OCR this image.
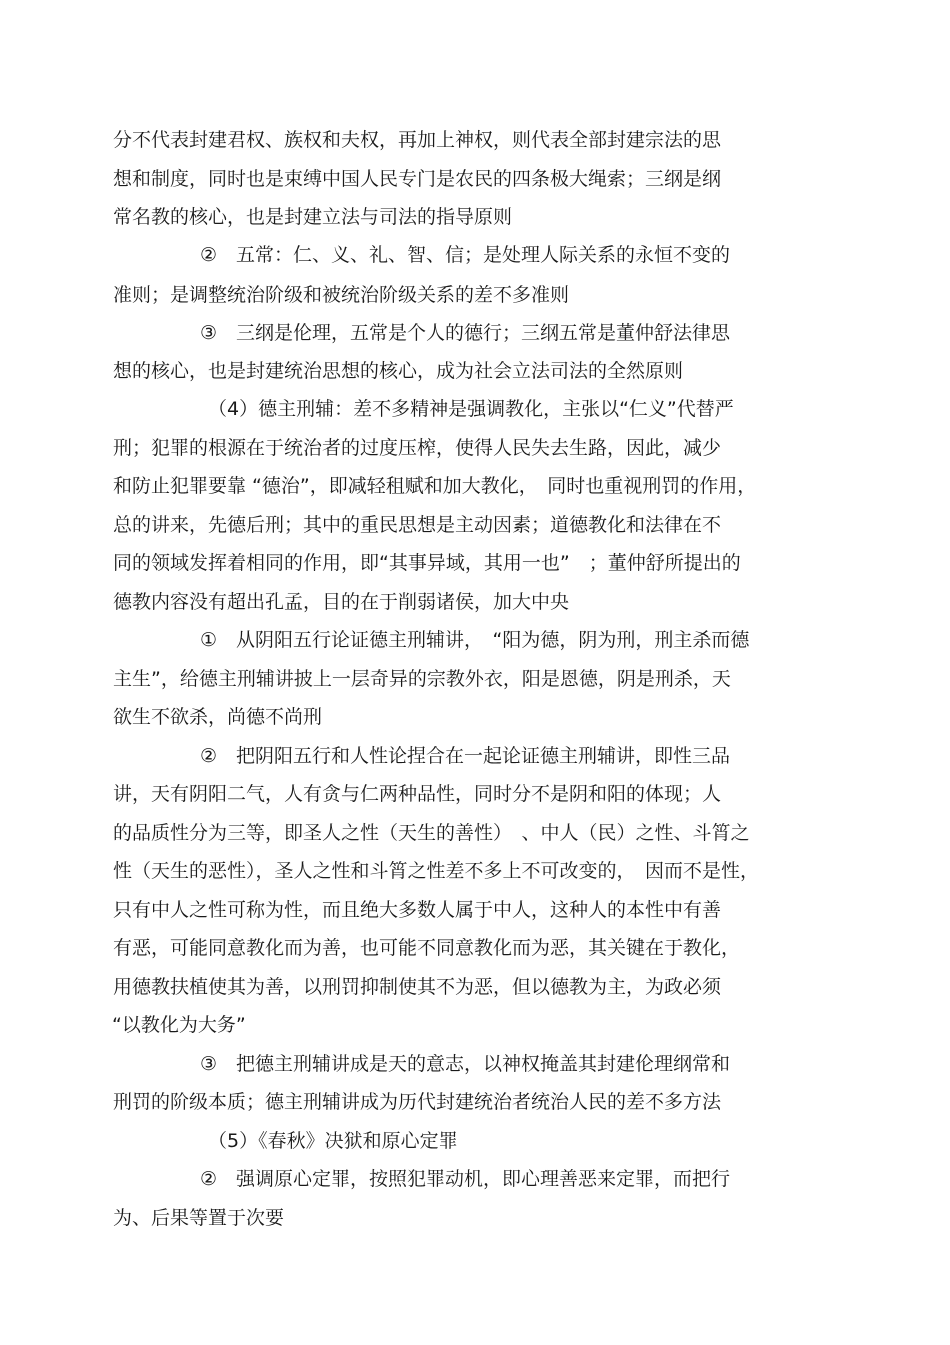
分不代表封建君权、族权和夫权，再加上神权，则代表全部封建宗法的思
想和制度，同时也是束缚中国人民专门是农民的四条极大绳索；三纲是纲
常名教的核心，也是封建立法与司法的指导原则
②　五常：仁、义、礼、智、信；是处理人际关系的永恒不变的
准则；是调整统治阶级和被统治阶级关系的差不多准则
③　三纲是伦理，五常是个人的德行；三纲五常是董仲舒法律思
想的核心，也是封建统治思想的核心，成为社会立法司法的全然原则
（4）德主刑辅：差不多精神是强调教化，主张以“仁义”代替严
刑；犯罪的根源在于统治者的过度压榨，使得人民失去生路，因此，减少
和防止犯罪要靠 “德治”，即减轻租赋和加大教化，　同时也重视刑罚的作用，
总的讲来，先德后刑；其中的重民思想是主动因素；道德教化和法律在不
同的领域发挥着相同的作用，即“其事异域，其用一也”　；董仲舒所提出的
德教内容没有超出孔孟，目的在于削弱诸侯，加大中央
①　从阴阳五行论证德主刑辅讲，　“阳为德，阴为刑，刑主杀而德
主生”，给德主刑辅讲披上一层奇异的宗教外衣，阳是恩德，阴是刑杀，天
欲生不欲杀，尚德不尚刑
②　把阴阳五行和人性论捏合在一起论证德主刑辅讲，即性三品
讲，天有阴阳二气，人有贪与仁两种品性，同时分不是阴和阳的体现；人
的品质性分为三等，即圣人之性（天生的善性）　、中人（民）之性、斗筲之
性（天生的恶性），圣人之性和斗筲之性差不多上不可改变的，　因而不是性，
只有中人之性可称为性，而且绝大多数人属于中人，这种人的本性中有善
有恶，可能同意教化而为善，也可能不同意教化而为恶，其关键在于教化，
用德教扶植使其为善，以刑罚抑制使其不为恶，但以德教为主，为政必须
“以教化为大务”
③　把德主刑辅讲成是天的意志，以神权掩盖其封建伦理纲常和
刑罚的阶级本质；德主刑辅讲成为历代封建统治者统治人民的差不多方法
（5）《春秋》决狱和原心定罪
②　强调原心定罪，按照犯罪动机，即心理善恶来定罪，而把行
为、后果等置于次要
